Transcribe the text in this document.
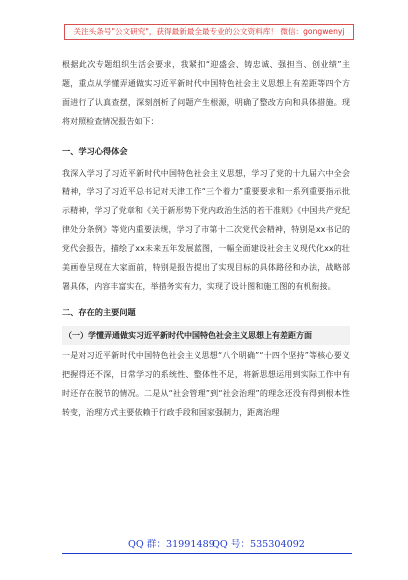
关注头条号"公文研究"，获得最新最全最专业的公文资料库！ 微信：gongwenyj

根据此次专题组织生活会要求，我紧扣“迎盛会、铸忠诚、强担当、创业绩”主题，重点从学懂弄通做实习近平新时代中国特色社会主义思想上有差距等四个方面进行了认真查摆，深刻剖析了问题产生根源，明确了整改方向和具体措施。现将对照检查情况报告如下：

一、学习心得体会

我深入学习了习近平新时代中国特色社会主义思想，学习了党的十九届六中全会精神，学习了习近平总书记对天津工作“三个着力”重要要求和一系列重要指示批示精神，学习了党章和《关于新形势下党内政治生活的若干准则》《中国共产党纪律处分条例》等党内重要法规，学习了市第十二次党代会精神，特别是xx书记的党代会报告，描绘了xx未来五年发展蓝图，一幅全面建设社会主义现代化xx的壮美画卷呈现在大家面前，特别是报告提出了实现目标的具体路径和办法，战略部署具体，内容丰富实在，举措务实有力，实现了设计图和施工图的有机衔接。

二、存在的主要问题

（一）学懂弄通做实习近平新时代中国特色社会主义思想上有差距方面

一是对习近平新时代中国特色社会主义思想“八个明确”“十四个坚持”等核心要义把握得还不深，日常学习的系统性、整体性不足，将新思想运用到实际工作中有时还存在脱节的情况。二是从“社会管理”到“社会治理”的理念还没有得到根本性转变，治理方式主要依赖于行政手段和国家强制力，距离治理

QQ 群：31991489
QQ 号：535304092
